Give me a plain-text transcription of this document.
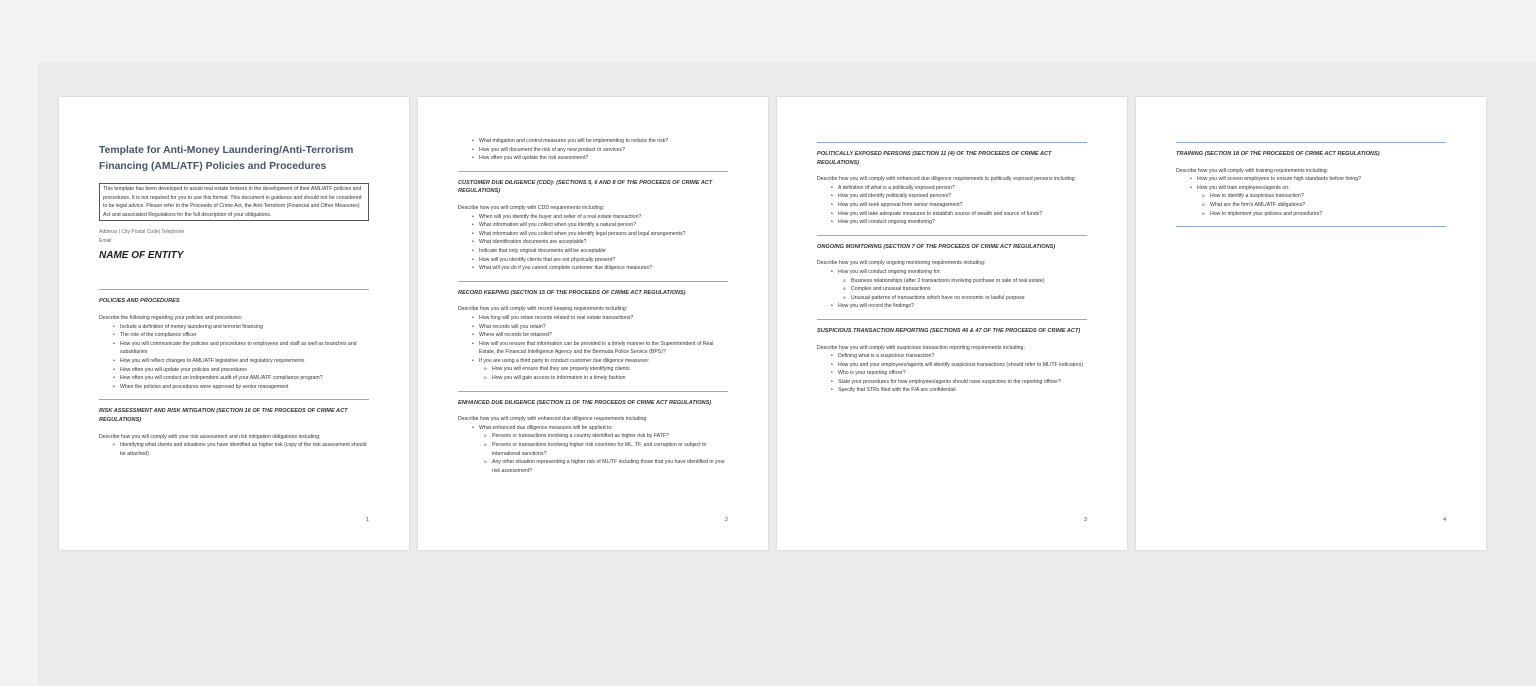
Template for Anti-Money Laundering/Anti-Terrorism
Financing (AML/ATF) Policies and Procedures
This template has been developed to assist real estate brokers in the development of their AML/ATF policies and procedures. It is not required for you to use this format. This document is guidance and should not be considered to be legal advice. Please refer to the Proceeds of Crime Act, the Anti-Terrorism (Financial and Other Measures) Act and associated Regulations for the full description of your obligations.
Address | City Postal Code| Telephone
Email
NAME OF ENTITY
POLICIES AND PROCEDURES
Describe the following regarding your policies and procedures:
• Include a definition of money laundering and terrorist financing
• The role of the compliance officer
• How you will communicate the policies and procedures to employees and staff as well as branches and subsidiaries
• How you will reflect changes to AML/ATF legislative and regulatory requirements
• How often you will update your policies and procedures
• How often you will conduct an independent audit of your AML/ATF compliance program?
• When the policies and procedures were approved by senior management
RISK ASSESSMENT AND RISK MITIGATION (SECTION 16 OF THE PROCEEDS OF CRIME ACT REGULATIONS)
Describe how you will comply with your risk assessment and risk mitigation obligations including:
• Identifying what clients and situations you have identified as higher risk (copy of the risk assessment should be attached)
1
• What mitigation and control measures you will be implementing to reduce the risk?
• How you will document the risk of any new product or services?
• How often you will update the risk assessment?
CUSTOMER DUE DILIGENCE (CDD): (SECTIONS 5, 6 AND 8 OF THE PROCEEDS OF CRIME ACT REGULATIONS)
Describe how you will comply with CDD requirements including:
• When will you identify the buyer and seller of a real estate transaction?
• What information will you collect when you identify a natural person?
• What information will you collect when you identify legal persons and legal arrangements?
• What identification documents are acceptable?
• Indicate that only original documents will be acceptable
• How will you identify clients that are not physically present?
• What will you do if you cannot complete customer due diligence measures?
RECORD KEEPING (SECTION 15 OF THE PROCEEDS OF CRIME ACT REGULATIONS)
Describe how you will comply with record keeping requirements including:
• How long will you retain records related to real estate transactions?
• What records will you retain?
• Where will records be retained?
• How will you ensure that information can be provided in a timely manner to the Superintendent of Real Estate, the Financial Intelligence Agency and the Bermuda Police Service (BPS)?
• If you are using a third party to conduct customer due diligence measures:
o How you will ensure that they are properly identifying clients
o How you will gain access to information in a timely fashion
ENHANCED DUE DILIGENCE (SECTION 11 OF THE PROCEEDS OF CRIME ACT REGULATIONS)
Describe how you will comply with enhanced due diligence requirements including:
• What enhanced due diligence measures will be applied to:
o Persons or transactions involving a country identified as higher risk by FATF?
o Persons or transactions involving higher risk countries for ML, TF, and corruption or subject to international sanctions?
o Any other situation representing a higher risk of ML/TF including those that you have identified in your risk assessment?
2
POLITICALLY EXPOSED PERSONS (SECTION 11 (4) OF THE PROCEEDS OF CRIME ACT REGULATIONS)
Describe how you will comply with enhanced due diligence requirements to politically exposed persons including:
• A definition of what is a politically exposed person?
• How you will identify politically exposed persons?
• How you will seek approval from senior management?
• How you will take adequate measures to establish source of wealth and source of funds?
• How you will conduct ongoing monitoring?
ONGOING MONITORING (SECTION 7 OF THE PROCEEDS OF CRIME ACT REGULATIONS)
Describe how you will comply ongoing monitoring requirements including:
• How you will conduct ongoing monitoring for:
o Business relationships (after 2 transactions involving purchase or sale of real estate)
o Complex and unusual transactions
o Unusual patterns of transactions which have no economic or lawful purpose
• How you will record the findings?
SUSPICIOUS TRANSACTION REPORTING (SECTIONS 46 & 47 OF THE PROCEEDS OF CRIME ACT)
Describe how you will comply with suspicious transaction reporting requirements including:
• Defining what is a suspicious transaction?
• How you and your employees/agents will identify suspicious transactions (should refer to ML/TF indicators)
• Who is your reporting officer?
• State your procedures for how employees/agents should raise suspicions to the reporting officer?
• Specify that STRs filed with the FIA are confidential
3
TRAINING (SECTION 18 OF THE PROCEEDS OF CRIME ACT REGULATIONS)
Describe how you will comply with training requirements including:
• How you will screen employees to ensure high standards before hiring?
• How you will train employees/agents on:
o How to identify a suspicious transaction?
o What are the firm's AML/ATF obligations?
o How to implement your policies and procedures?
4
